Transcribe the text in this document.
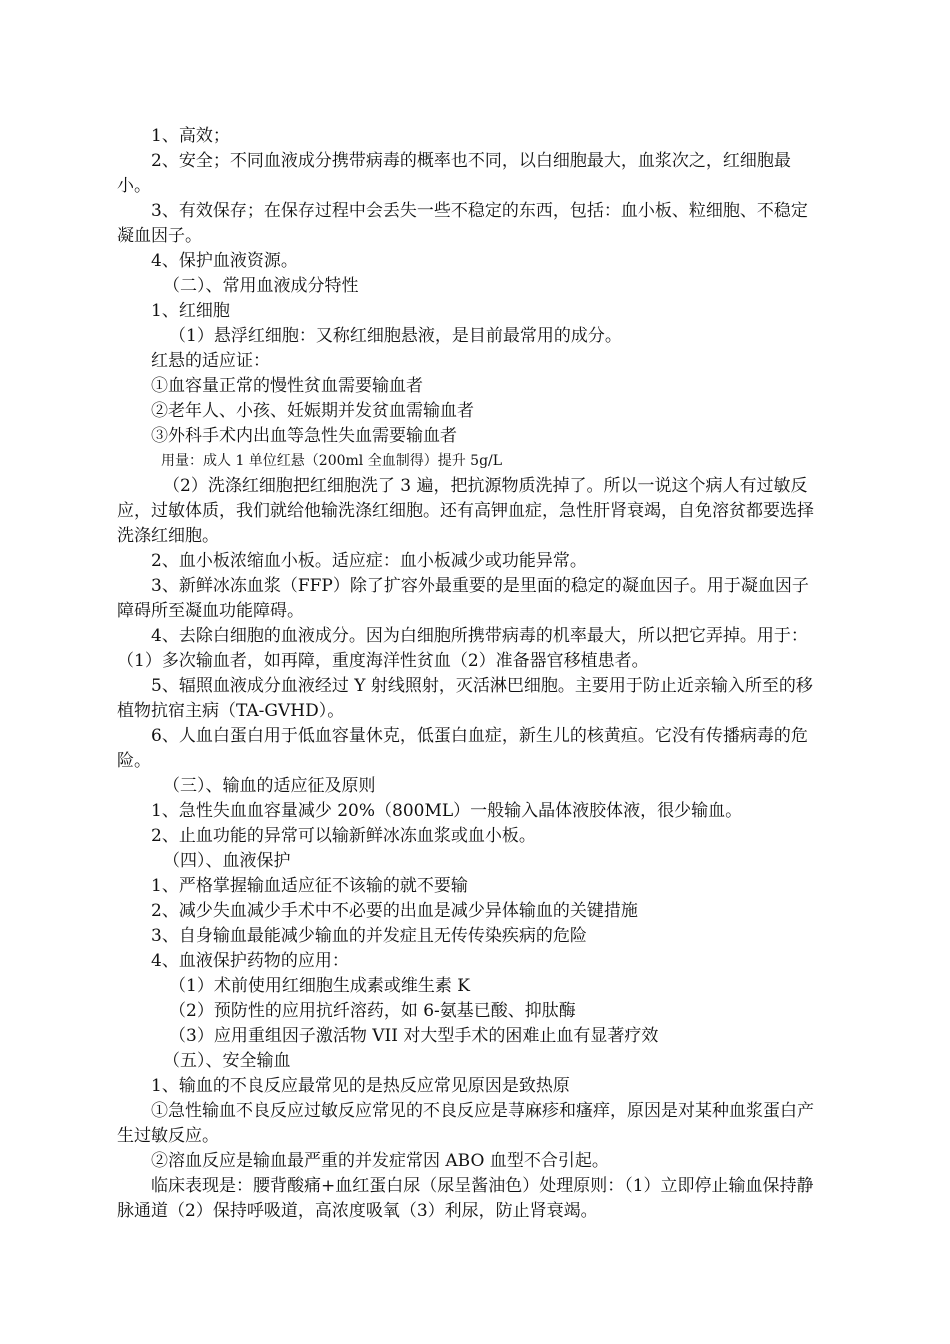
1、高效；

2、安全；不同血液成分携带病毒的概率也不同，以白细胞最大，血浆次之，红细胞最小。

3、有效保存；在保存过程中会丢失一些不稳定的东西，包括：血小板、粒细胞、不稳定凝血因子。

4、保护血液资源。

（二）、常用血液成分特性

1、红细胞

（1）悬浮红细胞：又称红细胞悬液，是目前最常用的成分。

红悬的适应证：

①血容量正常的慢性贫血需要输血者

②老年人、小孩、妊娠期并发贫血需输血者

③外科手术内出血等急性失血需要输血者

用量：成人 1 单位红悬（200ml 全血制得）提升 5g/L

（2）洗涤红细胞把红细胞洗了 3 遍，把抗源物质洗掉了。所以一说这个病人有过敏反应，过敏体质，我们就给他输洗涤红细胞。还有高钾血症，急性肝肾衰竭，自免溶贫都要选择洗涤红细胞。

2、血小板浓缩血小板。适应症：血小板减少或功能异常。

3、新鲜冰冻血浆（FFP）除了扩容外最重要的是里面的稳定的凝血因子。用于凝血因子障碍所至凝血功能障碍。

4、去除白细胞的血液成分。因为白细胞所携带病毒的机率最大，所以把它弄掉。用于：（1）多次输血者，如再障，重度海洋性贫血（2）准备器官移植患者。

5、辐照血液成分血液经过 Y 射线照射，灭活淋巴细胞。主要用于防止近亲输入所至的移植物抗宿主病（TA-GVHD）。

6、人血白蛋白用于低血容量休克，低蛋白血症，新生儿的核黄疸。它没有传播病毒的危险。

（三）、输血的适应征及原则

1、急性失血血容量减少 20%（800ML）一般输入晶体液胶体液，很少输血。

2、止血功能的异常可以输新鲜冰冻血浆或血小板。

（四）、血液保护

1、严格掌握输血适应征不该输的就不要输

2、减少失血减少手术中不必要的出血是减少异体输血的关键措施

3、自身输血最能减少输血的并发症且无传传染疾病的危险

4、血液保护药物的应用：

（1）术前使用红细胞生成素或维生素 K

（2）预防性的应用抗纤溶药，如 6-氨基已酸、抑肽酶

（3）应用重组因子激活物 VII 对大型手术的困难止血有显著疗效

（五）、安全输血

1、输血的不良反应最常见的是热反应常见原因是致热原

①急性输血不良反应过敏反应常见的不良反应是荨麻疹和瘙痒，原因是对某种血浆蛋白产生过敏反应。

②溶血反应是输血最严重的并发症常因 ABO 血型不合引起。

临床表现是：腰背酸痛+血红蛋白尿（尿呈酱油色）处理原则：（1）立即停止输血保持静脉通道（2）保持呼吸道，高浓度吸氧（3）利尿，防止肾衰竭。
